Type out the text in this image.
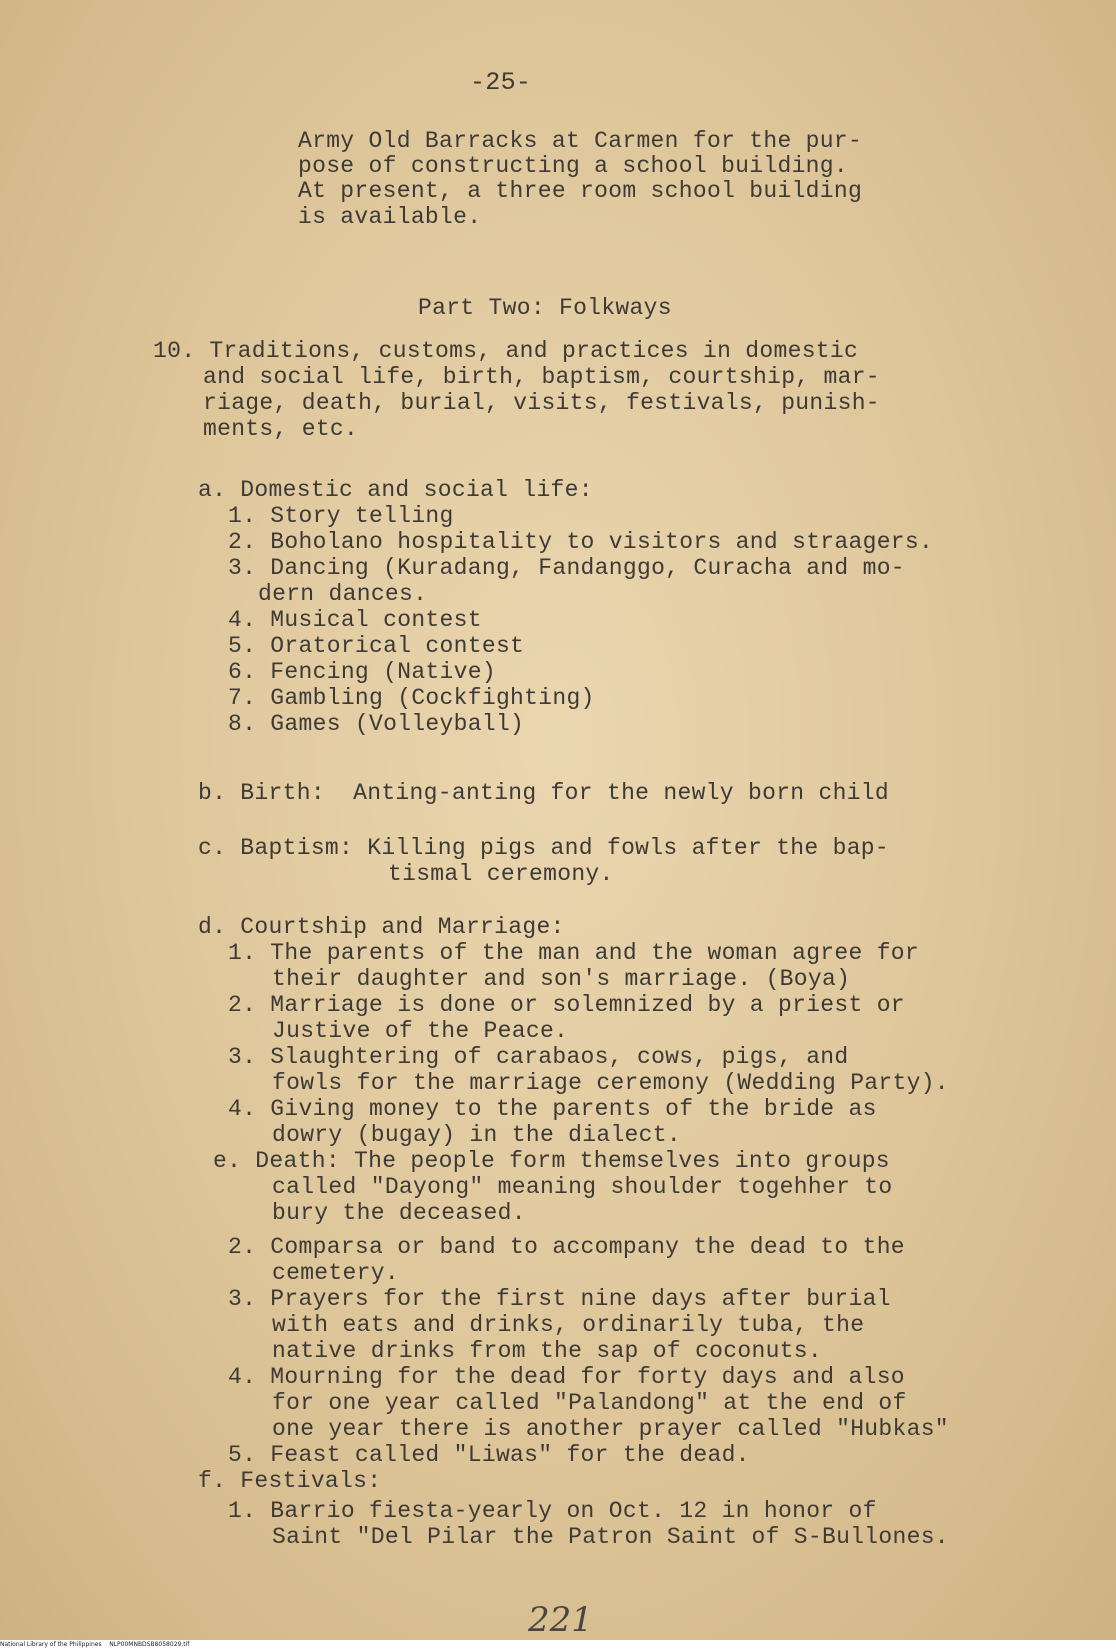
-25-
Army Old Barracks at Carmen for the pur-
pose of constructing a school building.
At present, a three room school building
is available.
Part Two: Folkways
10. Traditions, customs, and practices in domestic
and social life, birth, baptism, courtship, mar-
riage, death, burial, visits, festivals, punish-
ments, etc.
a. Domestic and social life:
1. Story telling
2. Boholano hospitality to visitors and straagers.
3. Dancing (Kuradang, Fandanggo, Curacha and mo-
dern dances.
4. Musical contest
5. Oratorical contest
6. Fencing (Native)
7. Gambling (Cockfighting)
8. Games (Volleyball)
b. Birth:  Anting-anting for the newly born child
c. Baptism: Killing pigs and fowls after the bap-
tismal ceremony.
d. Courtship and Marriage:
1. The parents of the man and the woman agree for
their daughter and son's marriage. (Boya)
2. Marriage is done or solemnized by a priest or
Justive of the Peace.
3. Slaughtering of carabaos, cows, pigs, and
fowls for the marriage ceremony (Wedding Party).
4. Giving money to the parents of the bride as
dowry (bugay) in the dialect.
e. Death: The people form themselves into groups
called "Dayong" meaning shoulder togehher to
bury the deceased.
2. Comparsa or band to accompany the dead to the
cemetery.
3. Prayers for the first nine days after burial
with eats and drinks, ordinarily tuba, the
native drinks from the sap of coconuts.
4. Mourning for the dead for forty days and also
for one year called "Palandong" at the end of
one year there is another prayer called "Hubkas"
5. Feast called "Liwas" for the dead.
f. Festivals:
1. Barrio fiesta-yearly on Oct. 12 in honor of
Saint "Del Pilar the Patron Saint of S-Bullones.
221
National Library of the Philippines    NLP00MNBDSB8058029.tif
